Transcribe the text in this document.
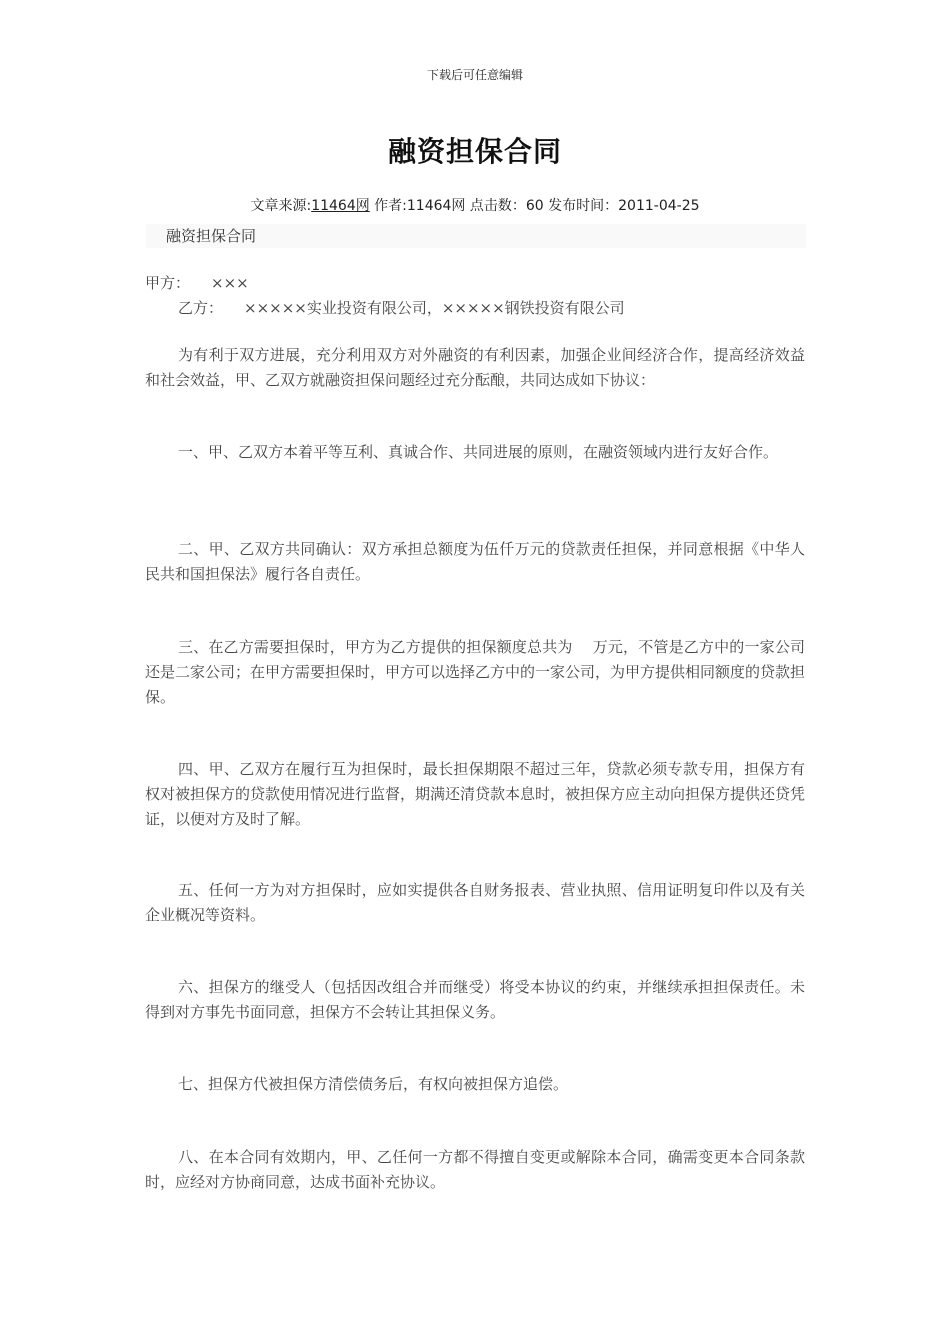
下载后可任意编辑
融资担保合同
文章来源:11464网 作者:11464网 点击数：60 发布时间：2011-04-25
融资担保合同
甲方： ×××
乙方： ×××××实业投资有限公司，×××××钢铁投资有限公司
为有利于双方进展，充分利用双方对外融资的有利因素，加强企业间经济合作，提高经济效益和社会效益，甲、乙双方就融资担保问题经过充分酝酿，共同达成如下协议：
一、甲、乙双方本着平等互利、真诚合作、共同进展的原则，在融资领域内进行友好合作。
二、甲、乙双方共同确认：双方承担总额度为伍仟万元的贷款责任担保，并同意根据《中华人民共和国担保法》履行各自责任。
三、在乙方需要担保时，甲方为乙方提供的担保额度总共为　 万元，不管是乙方中的一家公司还是二家公司；在甲方需要担保时，甲方可以选择乙方中的一家公司，为甲方提供相同额度的贷款担保。
四、甲、乙双方在履行互为担保时，最长担保期限不超过三年，贷款必须专款专用，担保方有权对被担保方的贷款使用情况进行监督，期满还清贷款本息时，被担保方应主动向担保方提供还贷凭证，以便对方及时了解。
五、任何一方为对方担保时，应如实提供各自财务报表、营业执照、信用证明复印件以及有关企业概况等资料。
六、担保方的继受人（包括因改组合并而继受）将受本协议的约束，并继续承担担保责任。未得到对方事先书面同意，担保方不会转让其担保义务。
七、担保方代被担保方清偿债务后，有权向被担保方追偿。
八、在本合同有效期内，甲、乙任何一方都不得擅自变更或解除本合同，确需变更本合同条款时，应经对方协商同意，达成书面补充协议。
